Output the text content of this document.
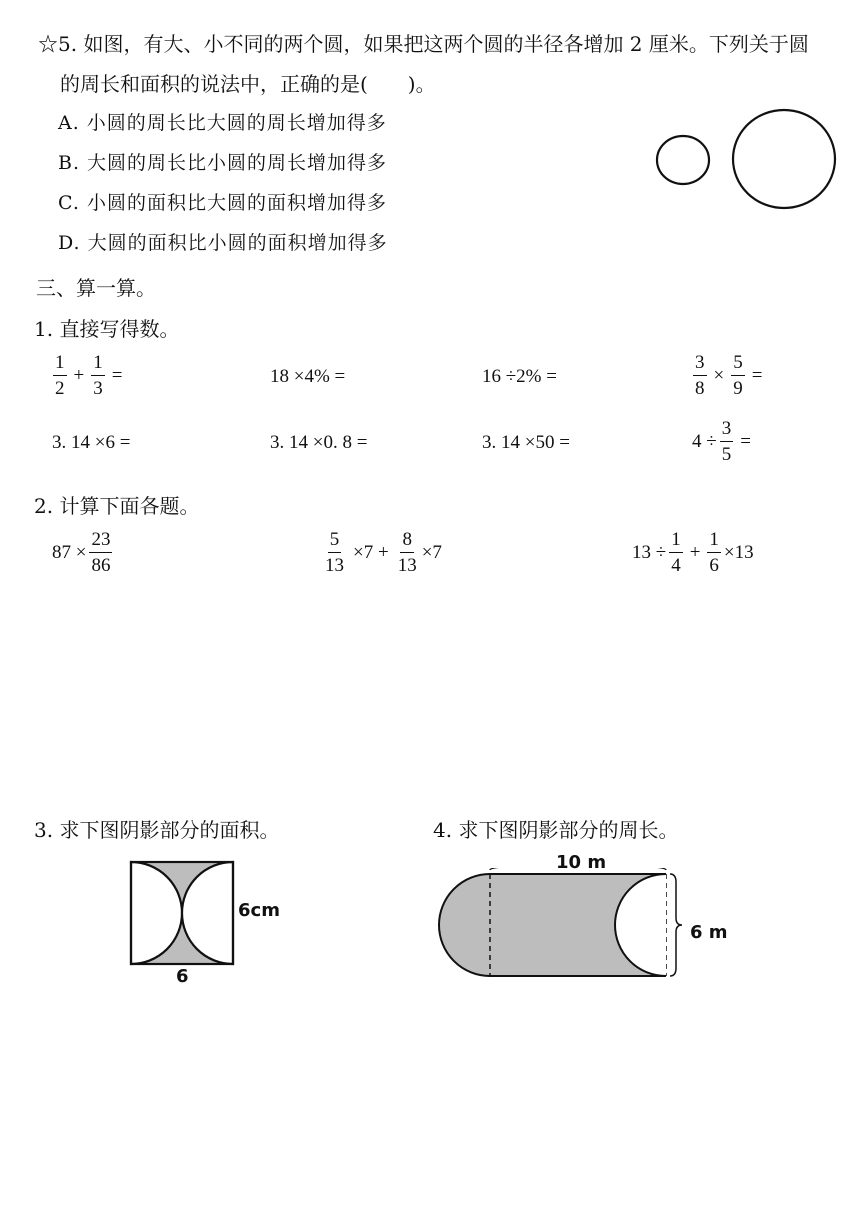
☆5. 如图，有大、小不同的两个圆，如果把这两个圆的半径各增加 2 厘米。下列关于圆
的周长和面积的说法中，正确的是(　　)。
A. 小圆的周长比大圆的周长增加得多
B. 大圆的周长比小圆的周长增加得多
C. 小圆的面积比大圆的面积增加得多
D. 大圆的面积比小圆的面积增加得多
三、算一算。
1. 直接写得数。
$\frac{1}{2} + \frac{1}{3}$ =	18 ×4% =	16 ÷2% =	$\frac{3}{8} \times \frac{5}{9}$ =
3. 14 ×6 =	3. 14 ×0. 8 =	3. 14 ×50 =	$4 \div \frac{3}{5}$ =
2. 计算下面各题。
$87 \times \frac{23}{86}$	$\frac{5}{13} \times 7 + \frac{8}{13} \times 7$	$13 \div \frac{1}{4} + \frac{1}{6} \times 13$
3. 求下图阴影部分的面积。
6cm
6
4. 求下图阴影部分的周长。
10 m
6 m
